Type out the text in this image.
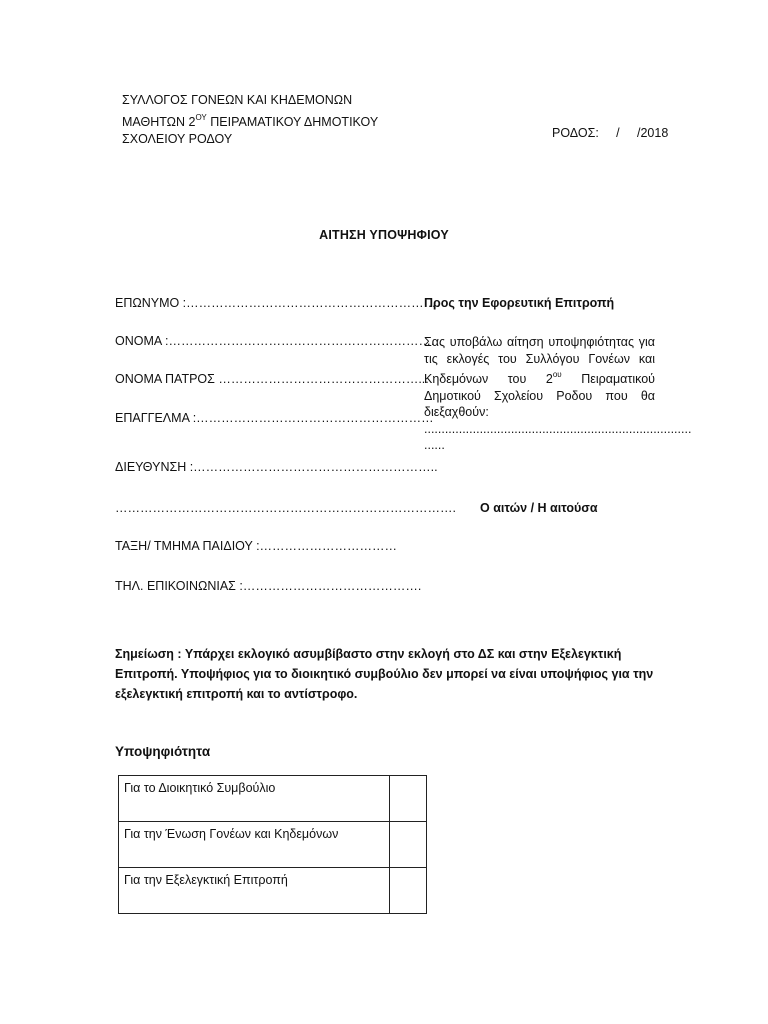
ΣΥΛΛΟΓΟΣ ΓΟΝΕΩΝ ΚΑΙ ΚΗΔΕΜΟΝΩΝ
ΜΑΘΗΤΩΝ $2^{O\Upsilon}$ ΠΕΙΡΑΜΑΤΙΚΟΥ ΔΗΜΟΤΙΚΟΥ
ΣΧΟΛΕΙΟΥ ΡΟΔΟΥ	ΡΟΔΟΣ:     /     /2018
ΑΙΤΗΣΗ ΥΠΟΨΗΦΙΟΥ
ΕΠΩΝΥΜΟ :…………………………………………………….
ΟΝΟΜΑ :……………………………………………………….
ΟΝΟΜΑ ΠΑΤΡΟΣ …………………………………………...
ΕΠΑΓΓΕΛΜΑ :…………………………………………………
ΔΙΕΥΘΥΝΣΗ :…………………………………………………..
……………………………………………………………………….
ΤΑΞΗ/ ΤΜΗΜΑ ΠΑΙΔΙΟΥ :……………………………
ΤΗΛ. ΕΠΙΚΟΙΝΩΝΙΑΣ :…………………………………….
Προς την Εφορευτική Επιτροπή
Σας υποβάλω αίτηση υποψηφιότητας για τις εκλογές του Συλλόγου Γονέων και Κηδεμόνων του $2^{o\upsilon}$ Πειραματικού Δημοτικού Σχολείου Ροδου που θα διεξαχθούν:
.............................................................................
......
Ο αιτών / Η αιτούσα
Σημείωση : Υπάρχει εκλογικό ασυμβίβαστο στην εκλογή στο ΔΣ και στην Εξελεγκτική Επιτροπή. Υποψήφιος για το διοικητικό συμβούλιο δεν μπορεί να είναι υποψήφιος για την εξελεγκτική επιτροπή και το αντίστροφο.
Υποψηφιότητα
Για το Διοικητικό Συμβούλιο	
Για την Ένωση Γονέων και Κηδεμόνων	
Για την Εξελεγκτική Επιτροπή	
